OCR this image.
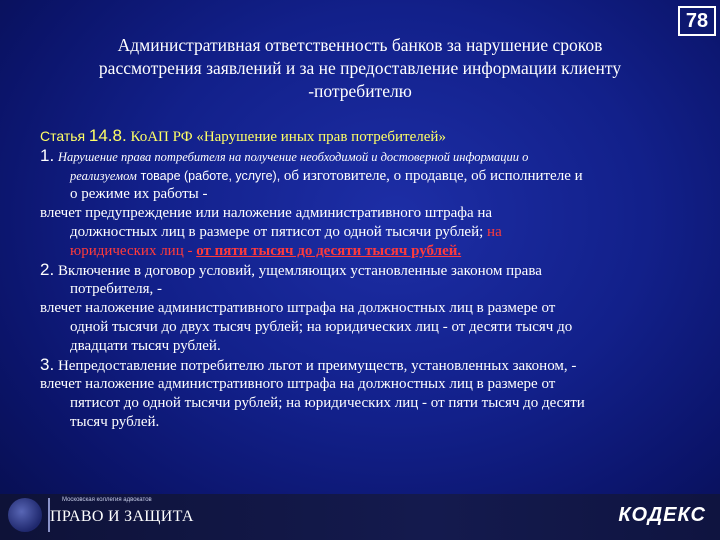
78
Административная ответственность банков за нарушение сроков
рассмотрения заявлений и за не предоставление информации клиенту
-потребителю
Статья 14.8. КоАП РФ «Нарушение иных прав потребителей»
1. Нарушение права потребителя на получение необходимой и достоверной информации о
реализуемом товаре (работе, услуге), об изготовителе, о продавце, об исполнителе и
о режиме их работы -
влечет предупреждение или наложение административного штрафа на
должностных лиц в размере от пятисот до одной тысячи рублей; на
юридических лиц - от пяти тысяч до десяти тысяч рублей.
2. Включение в договор условий, ущемляющих установленные законом права
потребителя, -
влечет наложение административного штрафа на должностных лиц в размере от
одной тысячи до двух тысяч рублей; на юридических лиц - от десяти тысяч до
двадцати тысяч рублей.
3. Непредоставление потребителю льгот и преимуществ, установленных законом, -
влечет наложение административного штрафа на должностных лиц в размере от
пятисот до одной тысячи рублей; на юридических лиц - от пяти тысяч до десяти
тысяч рублей.
Московская коллегия адвокатов
ПРАВО И ЗАЩИТА	КОДЕКС
